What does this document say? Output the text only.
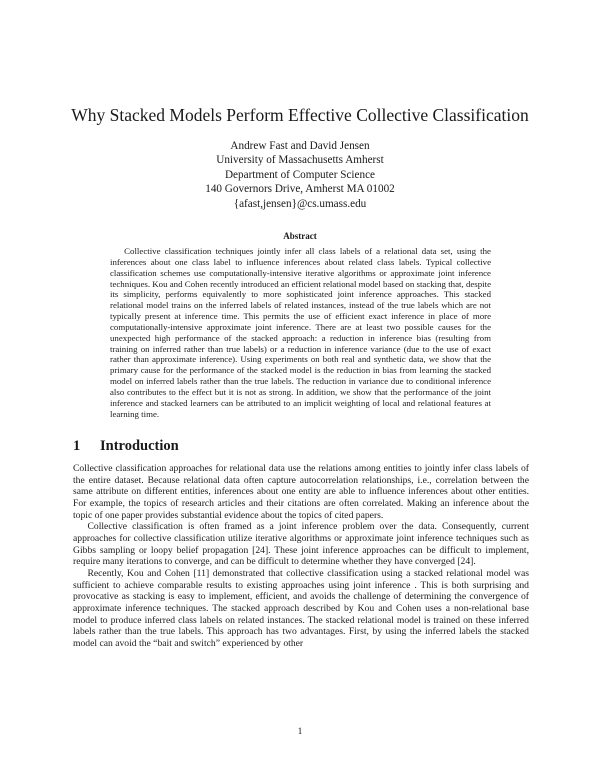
Why Stacked Models Perform Effective Collective Classification
Andrew Fast and David Jensen
University of Massachusetts Amherst
Department of Computer Science
140 Governors Drive, Amherst MA 01002
{afast,jensen}@cs.umass.edu
Abstract
Collective classification techniques jointly infer all class labels of a relational data set, using the inferences about one class label to influence inferences about related class labels. Typical collective classification schemes use computationally-intensive iterative algorithms or approximate joint inference techniques. Kou and Cohen recently introduced an efficient relational model based on stacking that, despite its simplicity, performs equivalently to more sophisticated joint inference approaches. This stacked relational model trains on the inferred labels of related instances, instead of the true labels which are not typically present at inference time. This permits the use of efficient exact inference in place of more computationally-intensive approximate joint inference. There are at least two possible causes for the unexpected high performance of the stacked approach: a reduction in inference bias (resulting from training on inferred rather than true labels) or a reduction in inference variance (due to the use of exact rather than approximate inference). Using experiments on both real and synthetic data, we show that the primary cause for the performance of the stacked model is the reduction in bias from learning the stacked model on inferred labels rather than the true labels. The reduction in variance due to conditional inference also contributes to the effect but it is not as strong. In addition, we show that the performance of the joint inference and stacked learners can be attributed to an implicit weighting of local and relational features at learning time.
1 Introduction

Collective classification approaches for relational data use the relations among entities to jointly infer class labels of the entire dataset. Because relational data often capture autocorrelation relationships, i.e., correlation between the same attribute on different entities, inferences about one entity are able to influence inferences about other entities. For example, the topics of research articles and their citations are often correlated. Making an inference about the topic of one paper provides substantial evidence about the topics of cited papers.

Collective classification is often framed as a joint inference problem over the data. Consequently, current approaches for collective classification utilize iterative algorithms or approximate joint inference techniques such as Gibbs sampling or loopy belief propagation [24]. These joint inference approaches can be difficult to implement, require many iterations to converge, and can be difficult to determine whether they have converged [24].

Recently, Kou and Cohen [11] demonstrated that collective classification using a stacked relational model was sufficient to achieve comparable results to existing approaches using joint inference . This is both surprising and provocative as stacking is easy to implement, efficient, and avoids the challenge of determining the convergence of approximate inference techniques. The stacked approach described by Kou and Cohen uses a non-relational base model to produce inferred class labels on related instances. The stacked relational model is trained on these inferred labels rather than the true labels. This approach has two advantages. First, by using the inferred labels the stacked model can avoid the “bait and switch” experienced by other

1
